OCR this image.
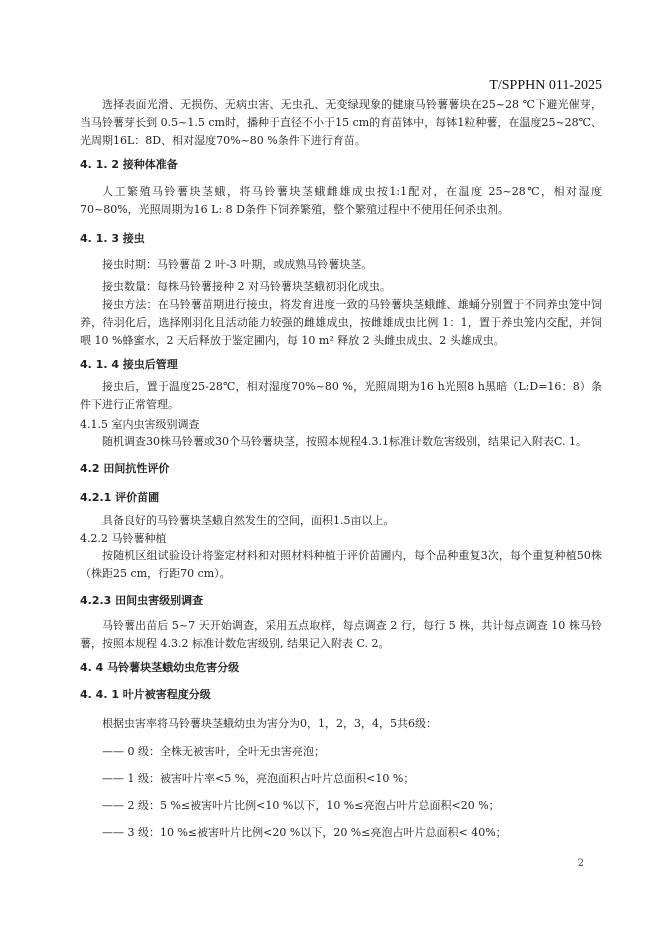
T/SPPHN 011-2025

选择表面光滑、无损伤、无病虫害、无虫孔、无变绿现象的健康马铃薯薯块在25~28 ℃下避光催芽，当马铃薯芽长到 0.5~1.5 cm时，播种于直径不小于15 cm的育苗钵中，每钵1粒种薯，在温度25~28℃、光周期16L：8D、相对湿度70%~80 %条件下进行育苗。

4. 1. 2 接种体准备

人工繁殖马铃薯块茎蛾，将马铃薯块茎蛾雌雄成虫按1:1配对，在温度 25~28℃，相对湿度 70~80%，光照周期为16 L: 8 D条件下饲养繁殖，整个繁殖过程中不使用任何杀虫剂。

4. 1. 3 接虫

接虫时期：马铃薯苗 2 叶-3 叶期，或成熟马铃薯块茎。

接虫数量：每株马铃薯接种 2 对马铃薯块茎蛾初羽化成虫。

接虫方法：在马铃薯苗期进行接虫，将发育进度一致的马铃薯块茎蛾雌、雄蛹分别置于不同养虫笼中饲养，待羽化后，选择刚羽化且活动能力较强的雌雄成虫，按雌雄成虫比例 1：1，置于养虫笼内交配，并饲喂 10 %蜂蜜水，2 天后释放于鉴定圃内，每 10 m² 释放 2 头雌虫成虫、2 头雄成虫。

4. 1. 4 接虫后管理

接虫后，置于温度25-28℃，相对湿度70%~80 %，光照周期为16 h光照8 h黑暗（L:D=16：8）条件下进行正常管理。

4.1.5 室内虫害级别调查

随机调查30株马铃薯或30个马铃薯块茎，按照本规程4.3.1标准计数危害级别，结果记入附表C. 1。

4.2 田间抗性评价

4.2.1 评价苗圃

具备良好的马铃薯块茎蛾自然发生的空间，面积1.5亩以上。

4.2.2 马铃薯种植

按随机区组试验设计将鉴定材料和对照材料种植于评价苗圃内，每个品种重复3次，每个重复种植50株（株距25 cm，行距70 cm）。

4.2.3 田间虫害级别调查

马铃薯出苗后 5~7 天开始调查，采用五点取样，每点调查 2 行，每行 5 株，共计每点调查 10 株马铃薯，按照本规程 4.3.2 标准计数危害级别, 结果记入附表 C. 2。

4. 4 马铃薯块茎蛾幼虫危害分级

4. 4. 1 叶片被害程度分级

根据虫害率将马铃薯块茎蛾幼虫为害分为0，1，2，3，4，5共6级：

—— 0 级：全株无被害叶，全叶无虫害亮泡；

—— 1 级：被害叶片率<5 %，亮泡面积占叶片总面积<10 %；

—— 2 级：5 %≤被害叶片比例<10 %以下，10 %≤亮泡占叶片总面积<20 %；

—— 3 级：10 %≤被害叶片比例<20 %以下，20 %≤亮泡占叶片总面积< 40%；

2
